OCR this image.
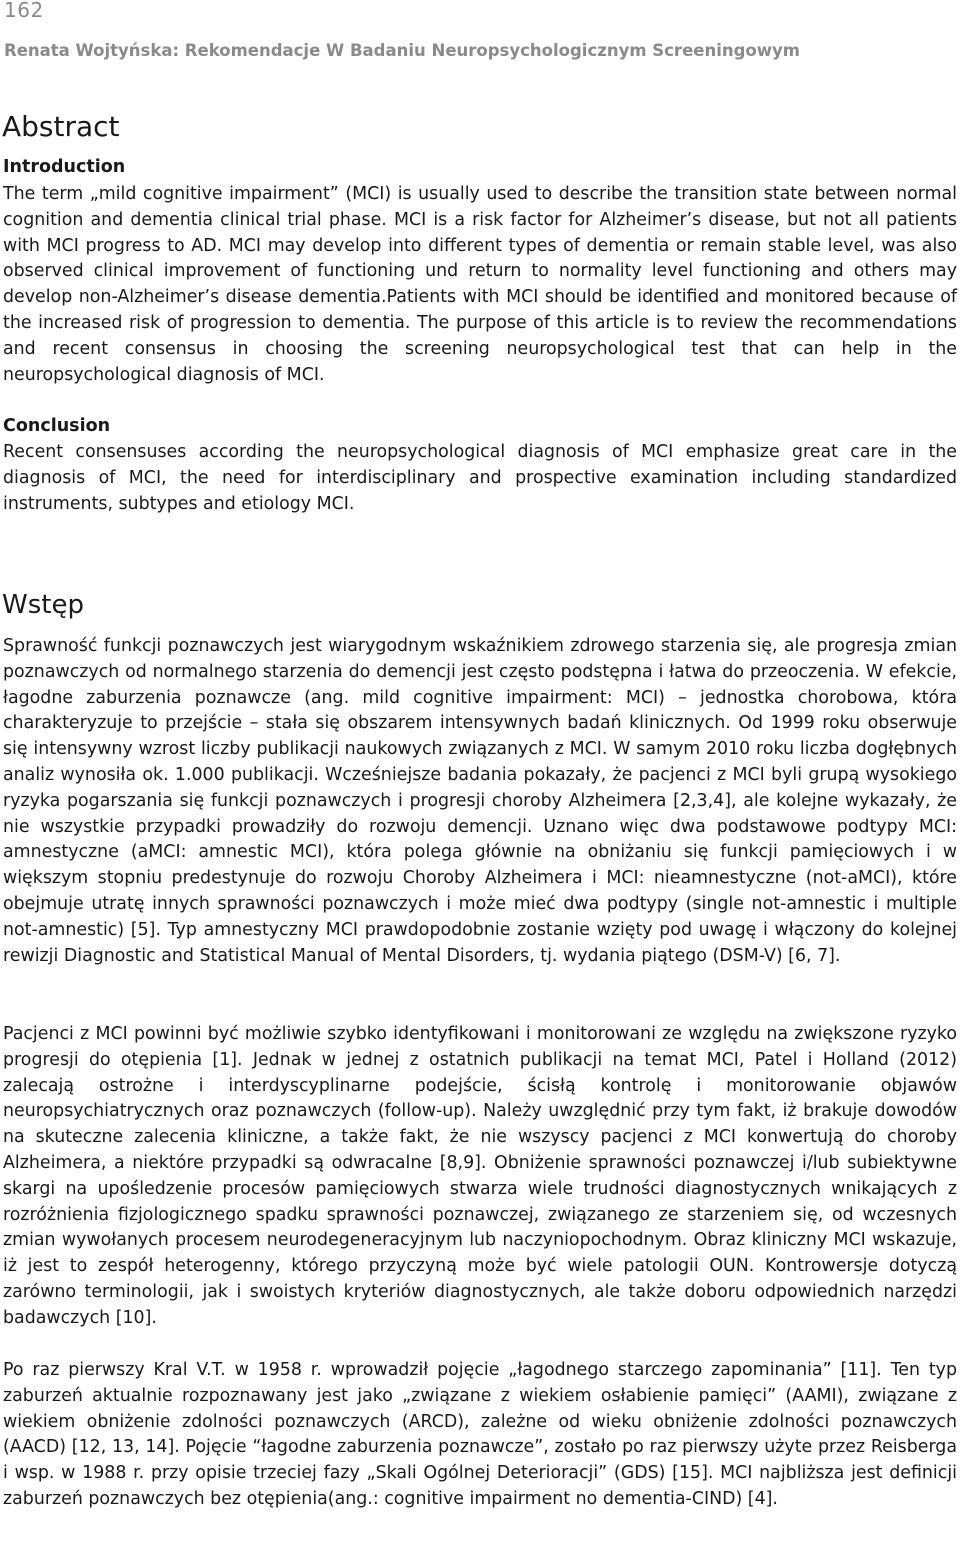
162
Renata Wojtyńska: Rekomendacje W Badaniu Neuropsychologicznym Screeningowym
Abstract
Introduction
The term „mild cognitive impairment” (MCI) is usually used to describe the transition state between normal cognition and dementia clinical trial phase. MCI is a risk factor for Alzheimer’s disease, but not all patients with MCI progress to AD. MCI may develop into different types of dementia or remain stable level, was also observed clinical improvement of functioning und return to normality level functioning and others may develop non-Alzheimer’s disease dementia.Patients with MCI should be identified and monitored because of the increased risk of progression to dementia. The purpose of this article is to review the recommendations and recent consensus in choosing the screening neuropsychological test that can help in the neuropsychological diagnosis of MCI.
Conclusion
Recent consensuses according the neuropsychological diagnosis of MCI emphasize great care in the diagnosis of MCI, the need for interdisciplinary and prospective examination including standardized instruments, subtypes and etiology MCI.
Wstęp
Sprawność funkcji poznawczych jest wiarygodnym wskaźnikiem zdrowego starzenia się, ale progresja zmian poznawczych od normalnego starzenia do demencji jest często podstępna i łatwa do przeoczenia. W efekcie, łagodne zaburzenia poznawcze (ang. mild cognitive impairment: MCI) – jednostka chorobowa, która charakteryzuje to przejście – stała się obszarem intensywnych badań klinicznych. Od 1999 roku obserwuje się intensywny wzrost liczby publikacji naukowych związanych z MCI. W samym 2010 roku liczba dogłębnych analiz wynosiła ok. 1.000 publikacji. Wcześniejsze badania pokazały, że pacjenci z MCI byli grupą wysokiego ryzyka pogarszania się funkcji poznawczych i progresji choroby Alzheimera [2,3,4], ale kolejne wykazały, że nie wszystkie przypadki prowadziły do rozwoju demencji. Uznano więc dwa podstawowe podtypy MCI: amnestyczne (aMCI: amnestic MCI), która polega głównie na obniżaniu się funkcji pamięciowych i w większym stopniu predestynuje do rozwoju Choroby Alzheimera i MCI: nieamnestyczne (not-aMCI), które obejmuje utratę innych sprawności poznawczych i może mieć dwa podtypy (single not-amnestic i multiple not-amnestic) [5]. Typ amnestyczny MCI prawdopodobnie zostanie wzięty pod uwagę i włączony do kolejnej rewizji Diagnostic and Statistical Manual of Mental Disorders, tj. wydania piątego (DSM-V) [6, 7].
Pacjenci z MCI powinni być możliwie szybko identyfikowani i monitorowani ze względu na zwiększone ryzyko progresji do otępienia [1]. Jednak w jednej z ostatnich publikacji na temat MCI, Patel i Holland (2012) zalecają ostrożne i interdyscyplinarne podejście, ścisłą kontrolę i monitorowanie objawów neuropsychiatrycznych oraz poznawczych (follow-up). Należy uwzględnić przy tym fakt, iż brakuje dowodów na skuteczne zalecenia kliniczne, a także fakt, że nie wszyscy pacjenci z MCI konwertują do choroby Alzheimera, a niektóre przypadki są odwracalne [8,9]. Obniżenie sprawności poznawczej i/lub subiektywne skargi na upośledzenie procesów pamięciowych stwarza wiele trudności diagnostycznych wnikających z rozróżnienia fizjologicznego spadku sprawności poznawczej, związanego ze starzeniem się, od wczesnych zmian wywołanych procesem neurodegeneracyjnym lub naczyniopochodnym. Obraz kliniczny MCI wskazuje, iż jest to zespół heterogenny, którego przyczyną może być wiele patologii OUN. Kontrowersje dotyczą zarówno terminologii, jak i swoistych kryteriów diagnostycznych, ale także doboru odpowiednich narzędzi badawczych [10].
Po raz pierwszy Kral V.T. w 1958 r. wprowadził pojęcie „łagodnego starczego zapominania” [11]. Ten typ zaburzeń aktualnie rozpoznawany jest jako „związane z wiekiem osłabienie pamięci” (AAMI), związane z wiekiem obniżenie zdolności poznawczych (ARCD), zależne od wieku obniżenie zdolności poznawczych (AACD) [12, 13, 14]. Pojęcie “łagodne zaburzenia poznawcze”, zostało po raz pierwszy użyte przez Reisberga i wsp. w 1988 r. przy opisie trzeciej fazy „Skali Ogólnej Deterioracji” (GDS) [15]. MCI najbliższa jest definicji zaburzeń poznawczych bez otępienia(ang.: cognitive impairment no dementia-CIND) [4].
